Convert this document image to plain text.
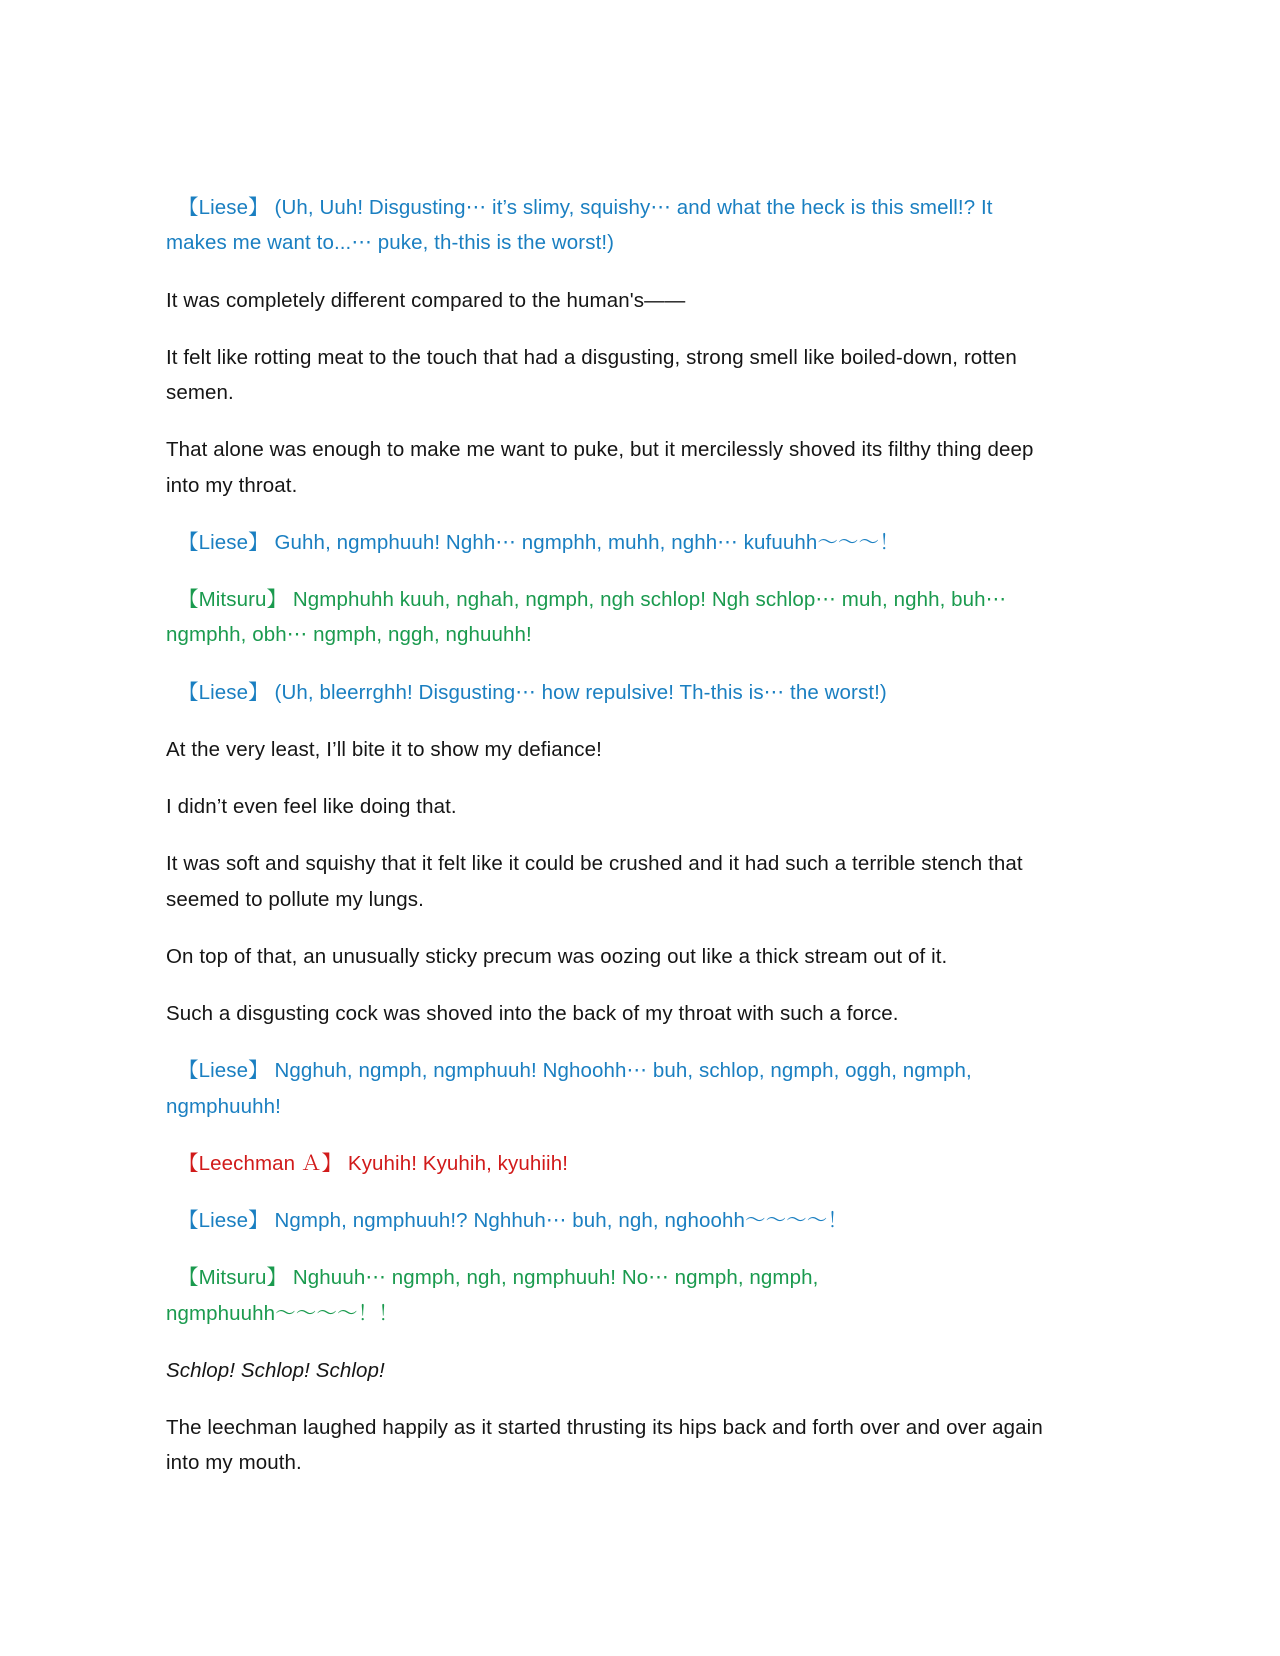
【Liese】 (Uh, Uuh! Disgusting⋯ it’s slimy, squishy⋯ and what the heck is this smell!? It makes me want to...⋯ puke, th-this is the worst!)

It was completely different compared to the human's——

It felt like rotting meat to the touch that had a disgusting, strong smell like boiled-down, rotten semen.

That alone was enough to make me want to puke, but it mercilessly shoved its filthy thing deep into my throat.

【Liese】 Guhh, ngmphuuh! Nghh⋯ ngmphh, muhh, nghh⋯ kufuuhh〜〜〜！

【Mitsuru】 Ngmphuhh kuuh, nghah, ngmph, ngh schlop! Ngh schlop⋯ muh, nghh, buh⋯ ngmphh, obh⋯ ngmph, nggh, nghuuhh!

【Liese】 (Uh, bleerrghh! Disgusting⋯ how repulsive! Th-this is⋯ the worst!)

At the very least, I’ll bite it to show my defiance!

I didn’t even feel like doing that.

It was soft and squishy that it felt like it could be crushed and it had such a terrible stench that seemed to pollute my lungs.

On top of that, an unusually sticky precum was oozing out like a thick stream out of it.

Such a disgusting cock was shoved into the back of my throat with such a force.

【Liese】 Ngghuh, ngmph, ngmphuuh! Nghoohh⋯ buh, schlop, ngmph, oggh, ngmph, ngmphuuhh!

【Leechman Ａ】 Kyuhih! Kyuhih, kyuhiih!

【Liese】 Ngmph, ngmphuuh!? Nghhuh⋯ buh, ngh, nghoohh〜〜〜〜！

【Mitsuru】 Nghuuh⋯ ngmph, ngh, ngmphuuh! No⋯ ngmph, ngmph, ngmphuuhh〜〜〜〜！！

Schlop! Schlop! Schlop!

The leechman laughed happily as it started thrusting its hips back and forth over and over again into my mouth.
